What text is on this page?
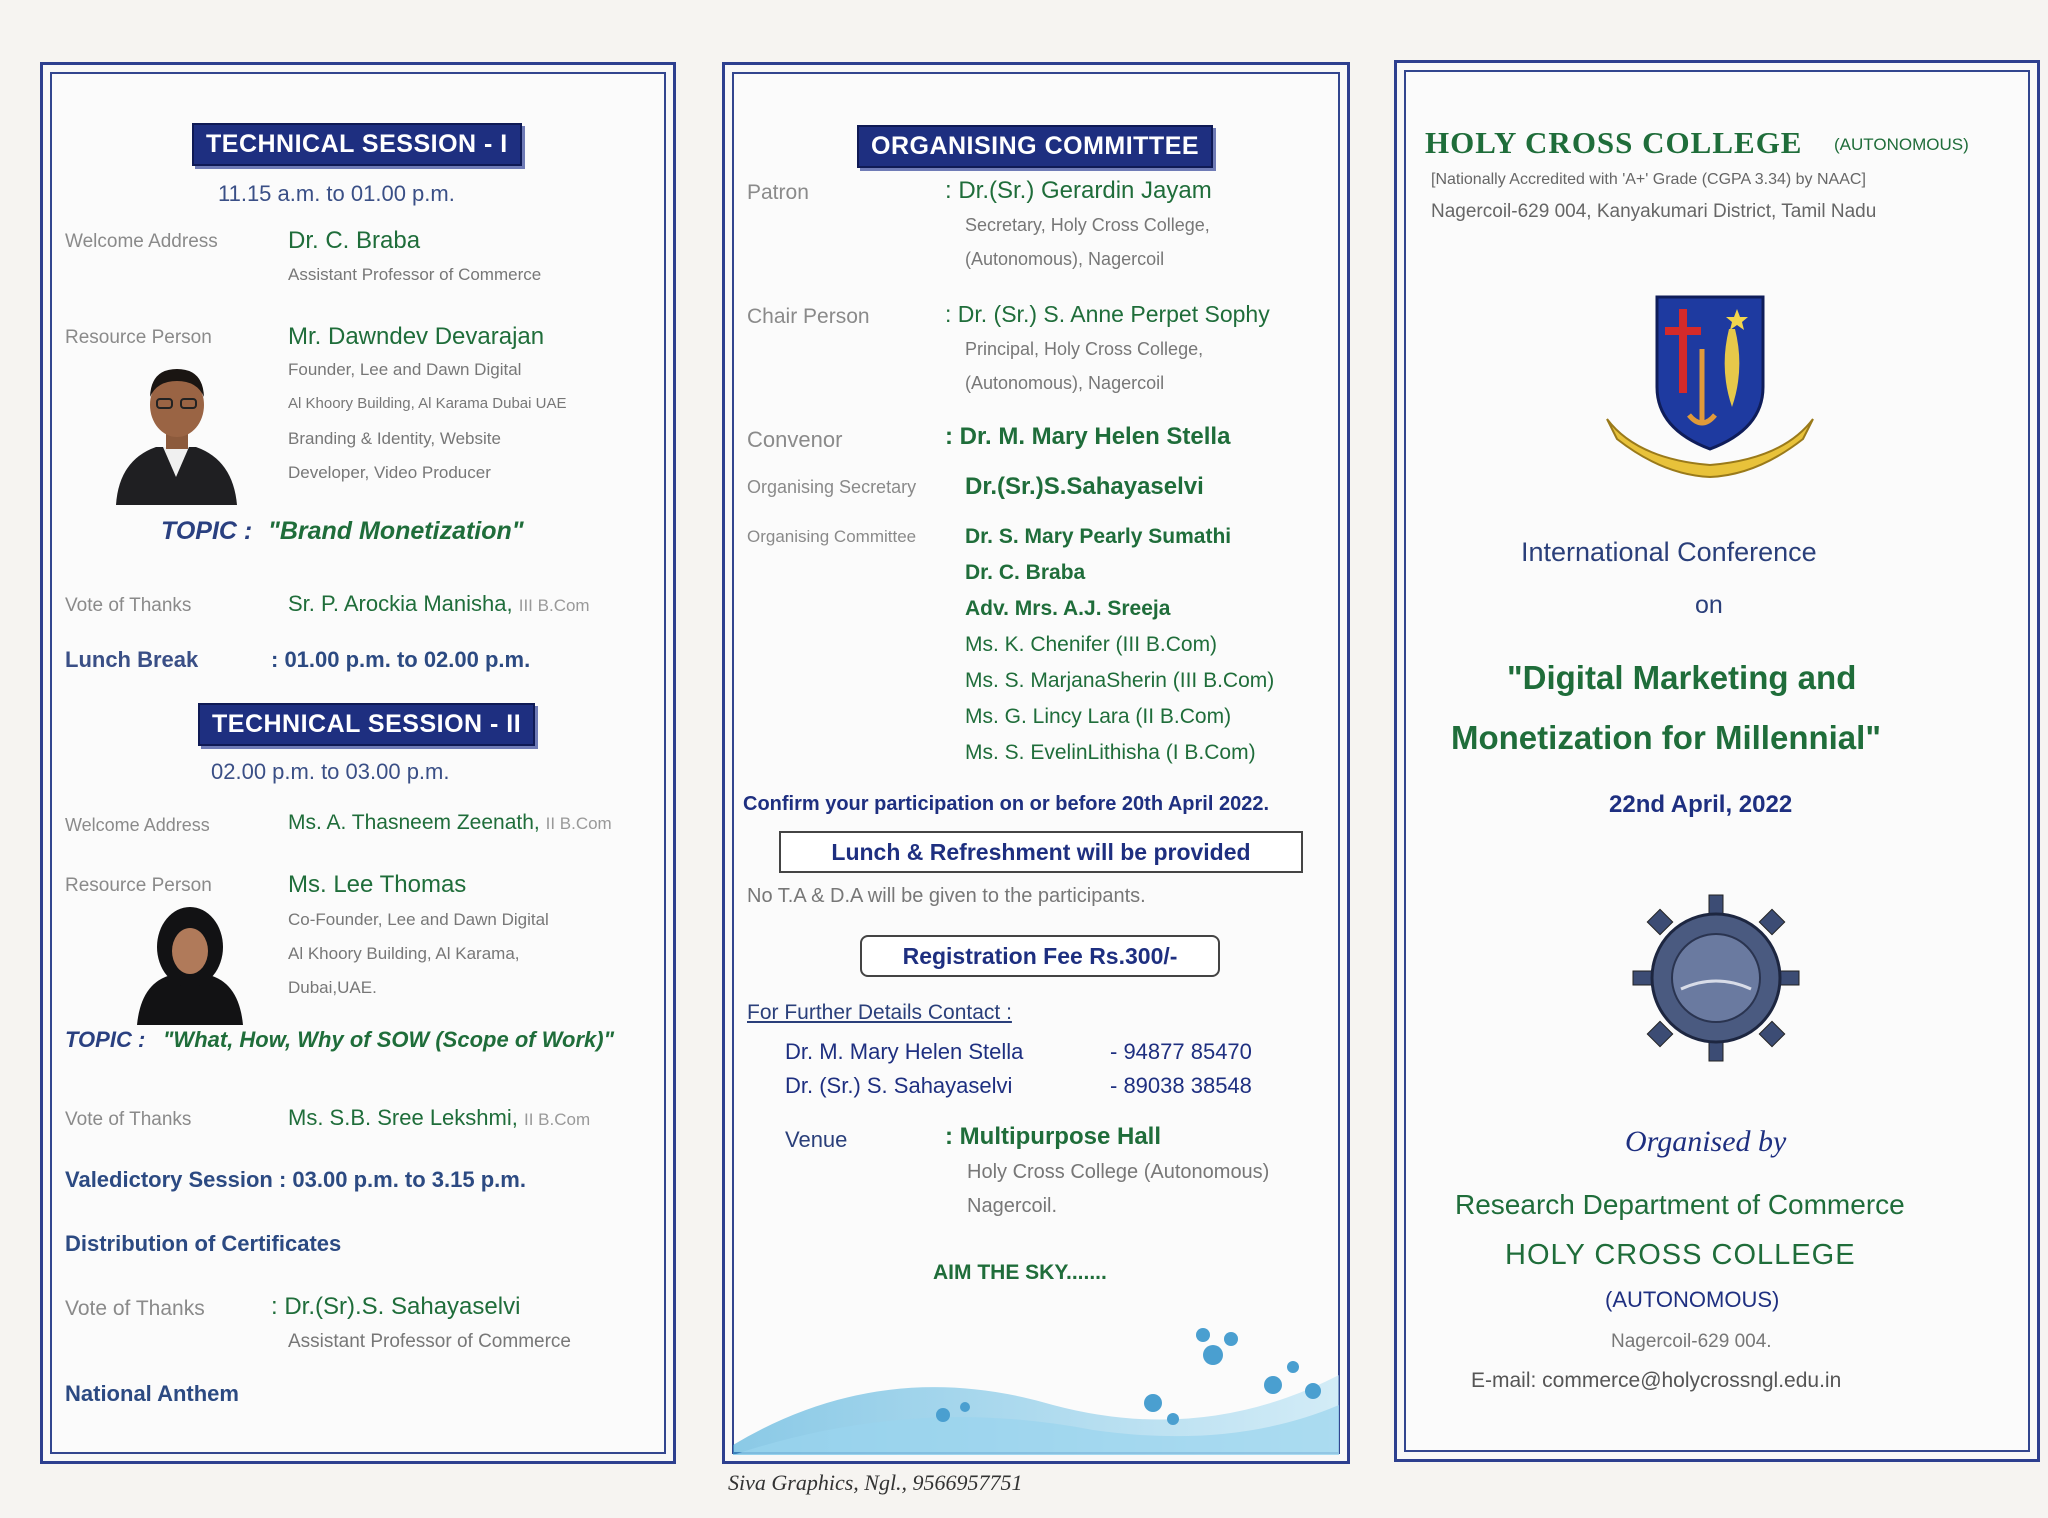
TECHNICAL SESSION - I
11.15 a.m. to 01.00 p.m.
Welcome Address	Dr. C. Braba
Assistant Professor of Commerce
Resource Person	Mr. Dawndev Devarajan
Founder, Lee and Dawn Digital
Al Khoory Building, Al Karama Dubai UAE
Branding & Identity, Website
Developer, Video Producer
TOPIC : "Brand Monetization"
Vote of Thanks	Sr. P. Arockia Manisha, III B.Com
Lunch Break	: 01.00 p.m. to 02.00 p.m.
TECHNICAL SESSION - II
02.00 p.m. to 03.00 p.m.
Welcome Address	Ms. A. Thasneem Zeenath, II B.Com
Resource Person	Ms. Lee Thomas
Co-Founder, Lee and Dawn Digital
Al Khoory Building, Al Karama,
Dubai,UAE.
TOPIC : "What, How, Why of SOW (Scope of Work)"
Vote of Thanks	Ms. S.B. Sree Lekshmi, II B.Com
Valedictory Session : 03.00 p.m. to 3.15 p.m.
Distribution of Certificates
Vote of Thanks	: Dr.(Sr).S. Sahayaselvi
Assistant Professor of Commerce
National Anthem
ORGANISING COMMITTEE
Patron	: Dr.(Sr.) Gerardin Jayam
Secretary, Holy Cross College,
(Autonomous), Nagercoil
Chair Person	: Dr. (Sr.) S. Anne Perpet Sophy
Principal, Holy Cross College,
(Autonomous), Nagercoil
Convenor	: Dr. M. Mary Helen Stella
Organising Secretary Dr.(Sr.)S.Sahayaselvi
Organising Committee Dr. S. Mary Pearly Sumathi
Dr. C. Braba
Adv. Mrs. A.J. Sreeja
Ms. K. Chenifer (III B.Com)
Ms. S. MarjanaSherin (III B.Com)
Ms. G. Lincy Lara (II B.Com)
Ms. S. EvelinLithisha (I B.Com)
Confirm your participation on or before 20th April 2022.
Lunch & Refreshment will be provided
No T.A & D.A will be given to the participants.
Registration Fee Rs.300/-
For Further Details Contact :
Dr. M. Mary Helen Stella	- 94877 85470
Dr. (Sr.) S. Sahayaselvi	- 89038 38548
Venue	: Multipurpose Hall
Holy Cross College (Autonomous)
Nagercoil.
AIM THE SKY.......
Siva Graphics, Ngl., 9566957751
HOLY CROSS COLLEGE (AUTONOMOUS)
[Nationally Accredited with 'A+' Grade (CGPA 3.34) by NAAC]
Nagercoil-629 004, Kanyakumari District, Tamil Nadu
International Conference
on
"Digital Marketing and
Monetization for Millennial"
22nd April, 2022
Organised by
Research Department of Commerce
HOLY CROSS COLLEGE
(AUTONOMOUS)
Nagercoil-629 004.
E-mail: commerce@holycrossngl.edu.in
